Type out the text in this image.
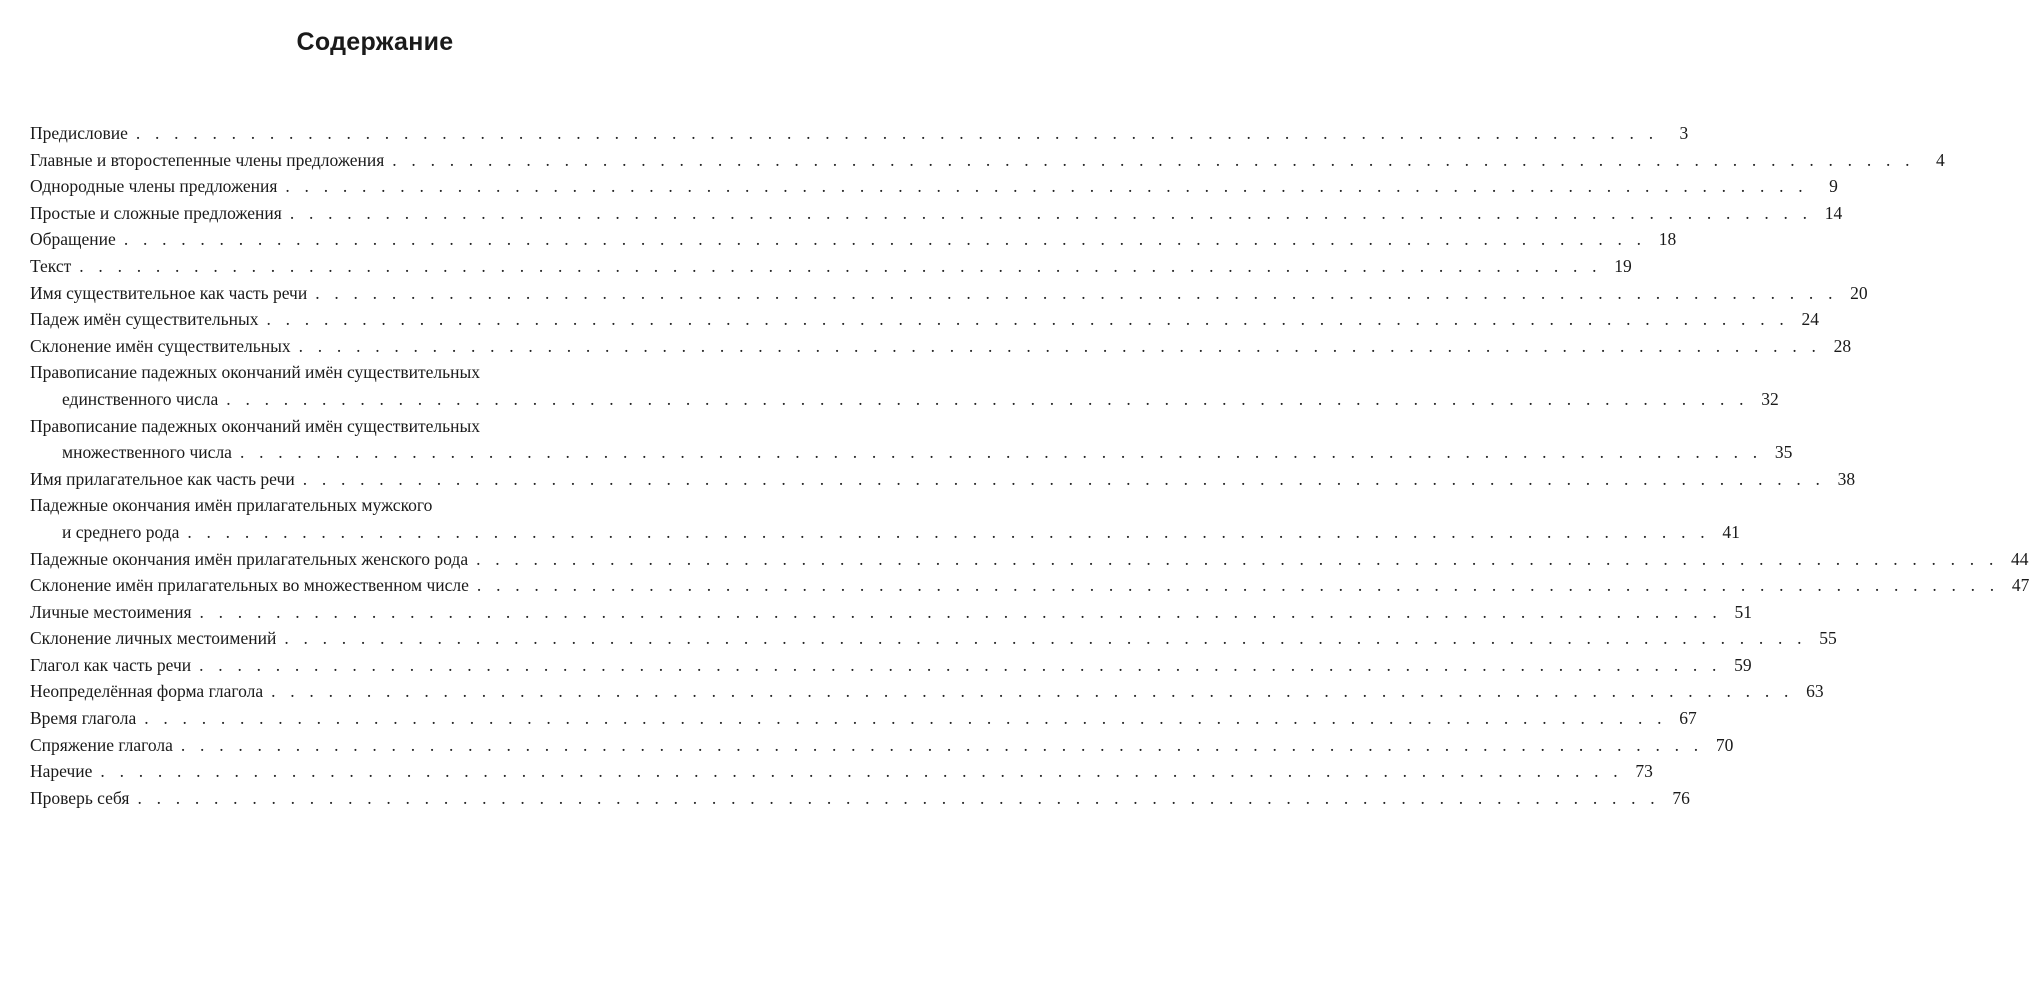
Содержание
Предисловие . . . . . . . . . . . . . . . . . . . . . . . . . . . . . . . . . . . . . . . . . . . . . . . . . . . . . . . . . . . . . . . . . . . . . . . . . . . . . . . .	3
Главные и второстепенные члены предложения . . . . . . . . . . . . . . . . . . . . . . . . . . . . . . . . . . . . . . . . . . . . . . . . . . . . . . . . . . . . . . . . . . . . . . . . . . . . . . . .	4
Однородные члены предложения . . . . . . . . . . . . . . . . . . . . . . . . . . . . . . . . . . . . . . . . . . . . . . . . . . . . . . . . . . . . . . . . . . . . . . . . . . . . . . . .	9
Простые и сложные предложения . . . . . . . . . . . . . . . . . . . . . . . . . . . . . . . . . . . . . . . . . . . . . . . . . . . . . . . . . . . . . . . . . . . . . . . . . . . . . . . . 14
Обращение . . . . . . . . . . . . . . . . . . . . . . . . . . . . . . . . . . . . . . . . . . . . . . . . . . . . . . . . . . . . . . . . . . . . . . . . . . . . . . . . 18
Текст . . . . . . . . . . . . . . . . . . . . . . . . . . . . . . . . . . . . . . . . . . . . . . . . . . . . . . . . . . . . . . . . . . . . . . . . . . . . . . . . 19
Имя существительное как часть речи . . . . . . . . . . . . . . . . . . . . . . . . . . . . . . . . . . . . . . . . . . . . . . . . . . . . . . . . . . . . . . . . . . . . . . . . . . . . . . . . 20
Падеж имён существительных . . . . . . . . . . . . . . . . . . . . . . . . . . . . . . . . . . . . . . . . . . . . . . . . . . . . . . . . . . . . . . . . . . . . . . . . . . . . . . . . 24
Склонение имён существительных . . . . . . . . . . . . . . . . . . . . . . . . . . . . . . . . . . . . . . . . . . . . . . . . . . . . . . . . . . . . . . . . . . . . . . . . . . . . . . . . 28
Правописание падежных окончаний имён существительных
единственного числа . . . . . . . . . . . . . . . . . . . . . . . . . . . . . . . . . . . . . . . . . . . . . . . . . . . . . . . . . . . . . . . . . . . . . . . . . . . . . . . . 32
Правописание падежных окончаний имён существительных
множественного числа . . . . . . . . . . . . . . . . . . . . . . . . . . . . . . . . . . . . . . . . . . . . . . . . . . . . . . . . . . . . . . . . . . . . . . . . . . . . . . . . 35
Имя прилагательное как часть речи . . . . . . . . . . . . . . . . . . . . . . . . . . . . . . . . . . . . . . . . . . . . . . . . . . . . . . . . . . . . . . . . . . . . . . . . . . . . . . . . 38
Падежные окончания имён прилагательных мужского
и среднего рода . . . . . . . . . . . . . . . . . . . . . . . . . . . . . . . . . . . . . . . . . . . . . . . . . . . . . . . . . . . . . . . . . . . . . . . . . . . . . . . . 41
Падежные окончания имён прилагательных женского рода . . . . . . . . . . . . . . . . . . . . . . . . . . . . . . . . . . . . . . . . . . . . . . . . . . . . . . . . . . . . . . . . . . . . . . . . . . . . . . . . 44
Склонение имён прилагательных во множественном числе . . . . . . . . . . . . . . . . . . . . . . . . . . . . . . . . . . . . . . . . . . . . . . . . . . . . . . . . . . . . . . . . . . . . . . . . . . . . . . . . 47
Личные местоимения . . . . . . . . . . . . . . . . . . . . . . . . . . . . . . . . . . . . . . . . . . . . . . . . . . . . . . . . . . . . . . . . . . . . . . . . . . . . . . . . 51
Склонение личных местоимений . . . . . . . . . . . . . . . . . . . . . . . . . . . . . . . . . . . . . . . . . . . . . . . . . . . . . . . . . . . . . . . . . . . . . . . . . . . . . . . . 55
Глагол как часть речи . . . . . . . . . . . . . . . . . . . . . . . . . . . . . . . . . . . . . . . . . . . . . . . . . . . . . . . . . . . . . . . . . . . . . . . . . . . . . . . . 59
Неопределённая форма глагола . . . . . . . . . . . . . . . . . . . . . . . . . . . . . . . . . . . . . . . . . . . . . . . . . . . . . . . . . . . . . . . . . . . . . . . . . . . . . . . . 63
Время глагола . . . . . . . . . . . . . . . . . . . . . . . . . . . . . . . . . . . . . . . . . . . . . . . . . . . . . . . . . . . . . . . . . . . . . . . . . . . . . . . . 67
Спряжение глагола . . . . . . . . . . . . . . . . . . . . . . . . . . . . . . . . . . . . . . . . . . . . . . . . . . . . . . . . . . . . . . . . . . . . . . . . . . . . . . . . 70
Наречие . . . . . . . . . . . . . . . . . . . . . . . . . . . . . . . . . . . . . . . . . . . . . . . . . . . . . . . . . . . . . . . . . . . . . . . . . . . . . . . . 73
Проверь себя . . . . . . . . . . . . . . . . . . . . . . . . . . . . . . . . . . . . . . . . . . . . . . . . . . . . . . . . . . . . . . . . . . . . . . . . . . . . . . . . 76
